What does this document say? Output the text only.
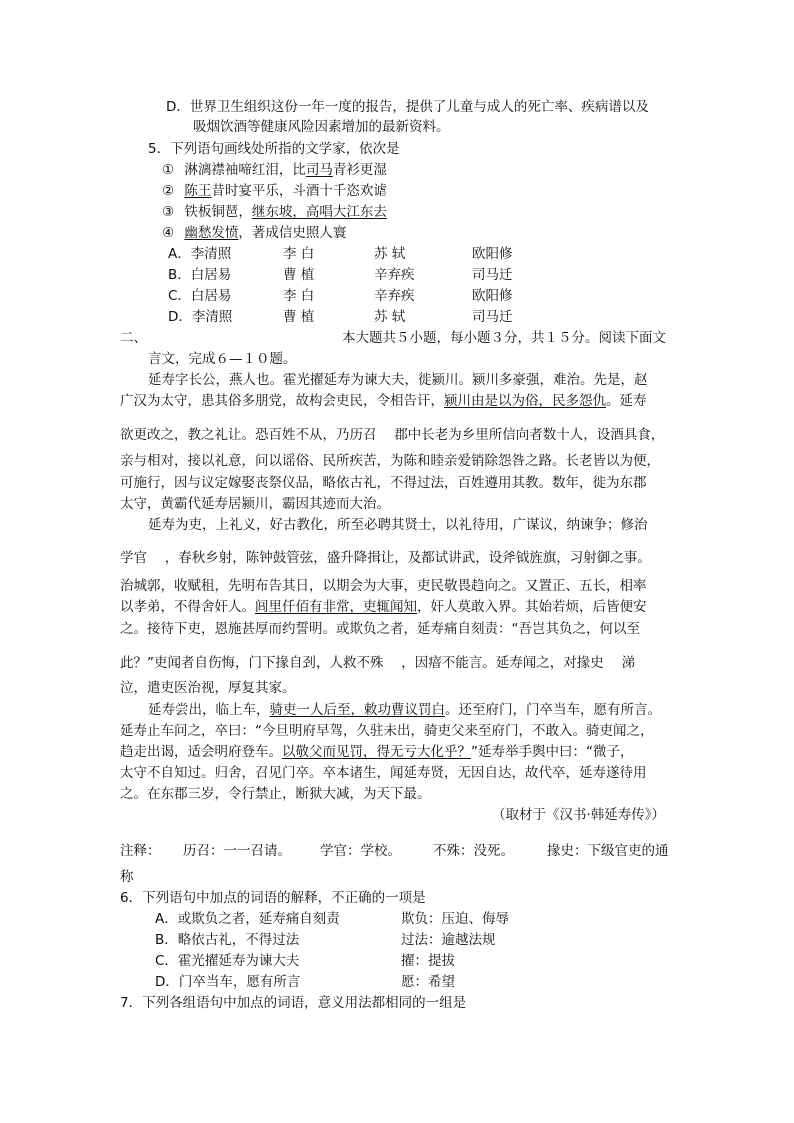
D．世界卫生组织这份一年一度的报告，提供了儿童与成人的死亡率、疾病谱以及
吸烟饮酒等健康风险因素增加的最新资料。
5．下列语句画线处所指的文学家，依次是
① 淋漓襟袖啼红泪，比司马青衫更湿
② 陈王昔时宴平乐，斗酒十千恣欢谑
③ 铁板铜琶，继东坡，高唱大江东去
④ 幽愁发愤，著成信史照人寰
A．李清照	李 白	苏 轼	欧阳修
B．白居易	曹 植	辛弃疾	司马迁
C．白居易	李 白	辛弃疾	欧阳修
D．李清照	曹 植	苏 轼	司马迁
二、	本大题共５小题，每小题３分，共１５分。阅读下面文
言文，完成６—１０题。
延寿字长公，燕人也。霍光擢延寿为谏大夫，徙颍川。颍川多豪强，难治。先是，赵
广汉为太守，患其俗多朋党，故构会吏民，令相告讦，颍川由是以为俗，民多怨仇。延寿
欲更改之，教之礼让。恐百姓不从，乃历召　 郡中长老为乡里所信向者数十人，设酒具食，
亲与相对，接以礼意，问以谣俗、民所疾苦，为陈和睦亲爱销除怨咎之路。长老皆以为便，
可施行，因与议定嫁娶丧祭仪品，略依古礼，不得过法，百姓遵用其教。数年，徙为东郡
太守，黄霸代延寿居颍川，霸因其迹而大治。
延寿为吏，上礼义，好古教化，所至必聘其贤士，以礼待用，广谋议，纳谏争；修治
学官　 ，春秋乡射，陈钟鼓管弦，盛升降揖让，及都试讲武，设斧钺旌旗，习射御之事。
治城郭，收赋租，先明布告其日，以期会为大事，吏民敬畏趋向之。又置正、五长，相率
以孝弟，不得舍奸人。闾里仟佰有非常，吏辄闻知，奸人莫敢入界。其始若烦，后皆便安
之。接待下吏，恩施甚厚而约誓明。或欺负之者，延寿痛自刻责：“吾岂其负之，何以至
此？”吏闻者自伤悔，门下掾自刭，人救不殊　 ，因瘖不能言。延寿闻之，对掾史　 涕
泣，遣吏医治视，厚复其家。
延寿尝出，临上车，骑吏一人后至，敕功曹议罚白。还至府门，门卒当车，愿有所言。
延寿止车问之，卒曰：“今旦明府早驾，久驻未出，骑吏父来至府门，不敢入。骑吏闻之，
趋走出谒，适会明府登车。以敬父而见罚，得无亏大化乎？”延寿举手舆中曰：“微子，
太守不自知过。归舍，召见门卒。卒本诸生，闻延寿贤，无因自达，故代卒，延寿遂待用
之。在东郡三岁，令行禁止，断狱大减，为天下最。
（取材于《汉书·韩延寿传》）
注释： 历召：一一召请。 学官：学校。 不殊：没死。 掾史：下级官吏的通
称
6．下列语句中加点的词语的解释，不正确的一项是
A．或欺负之者，延寿痛自刻责	欺负：压迫、侮辱
B．略依古礼，不得过法	过法：逾越法规
C．霍光擢延寿为谏大夫	擢：提拔
D．门卒当车，愿有所言	愿：希望
7．下列各组语句中加点的词语，意义用法都相同的一组是
